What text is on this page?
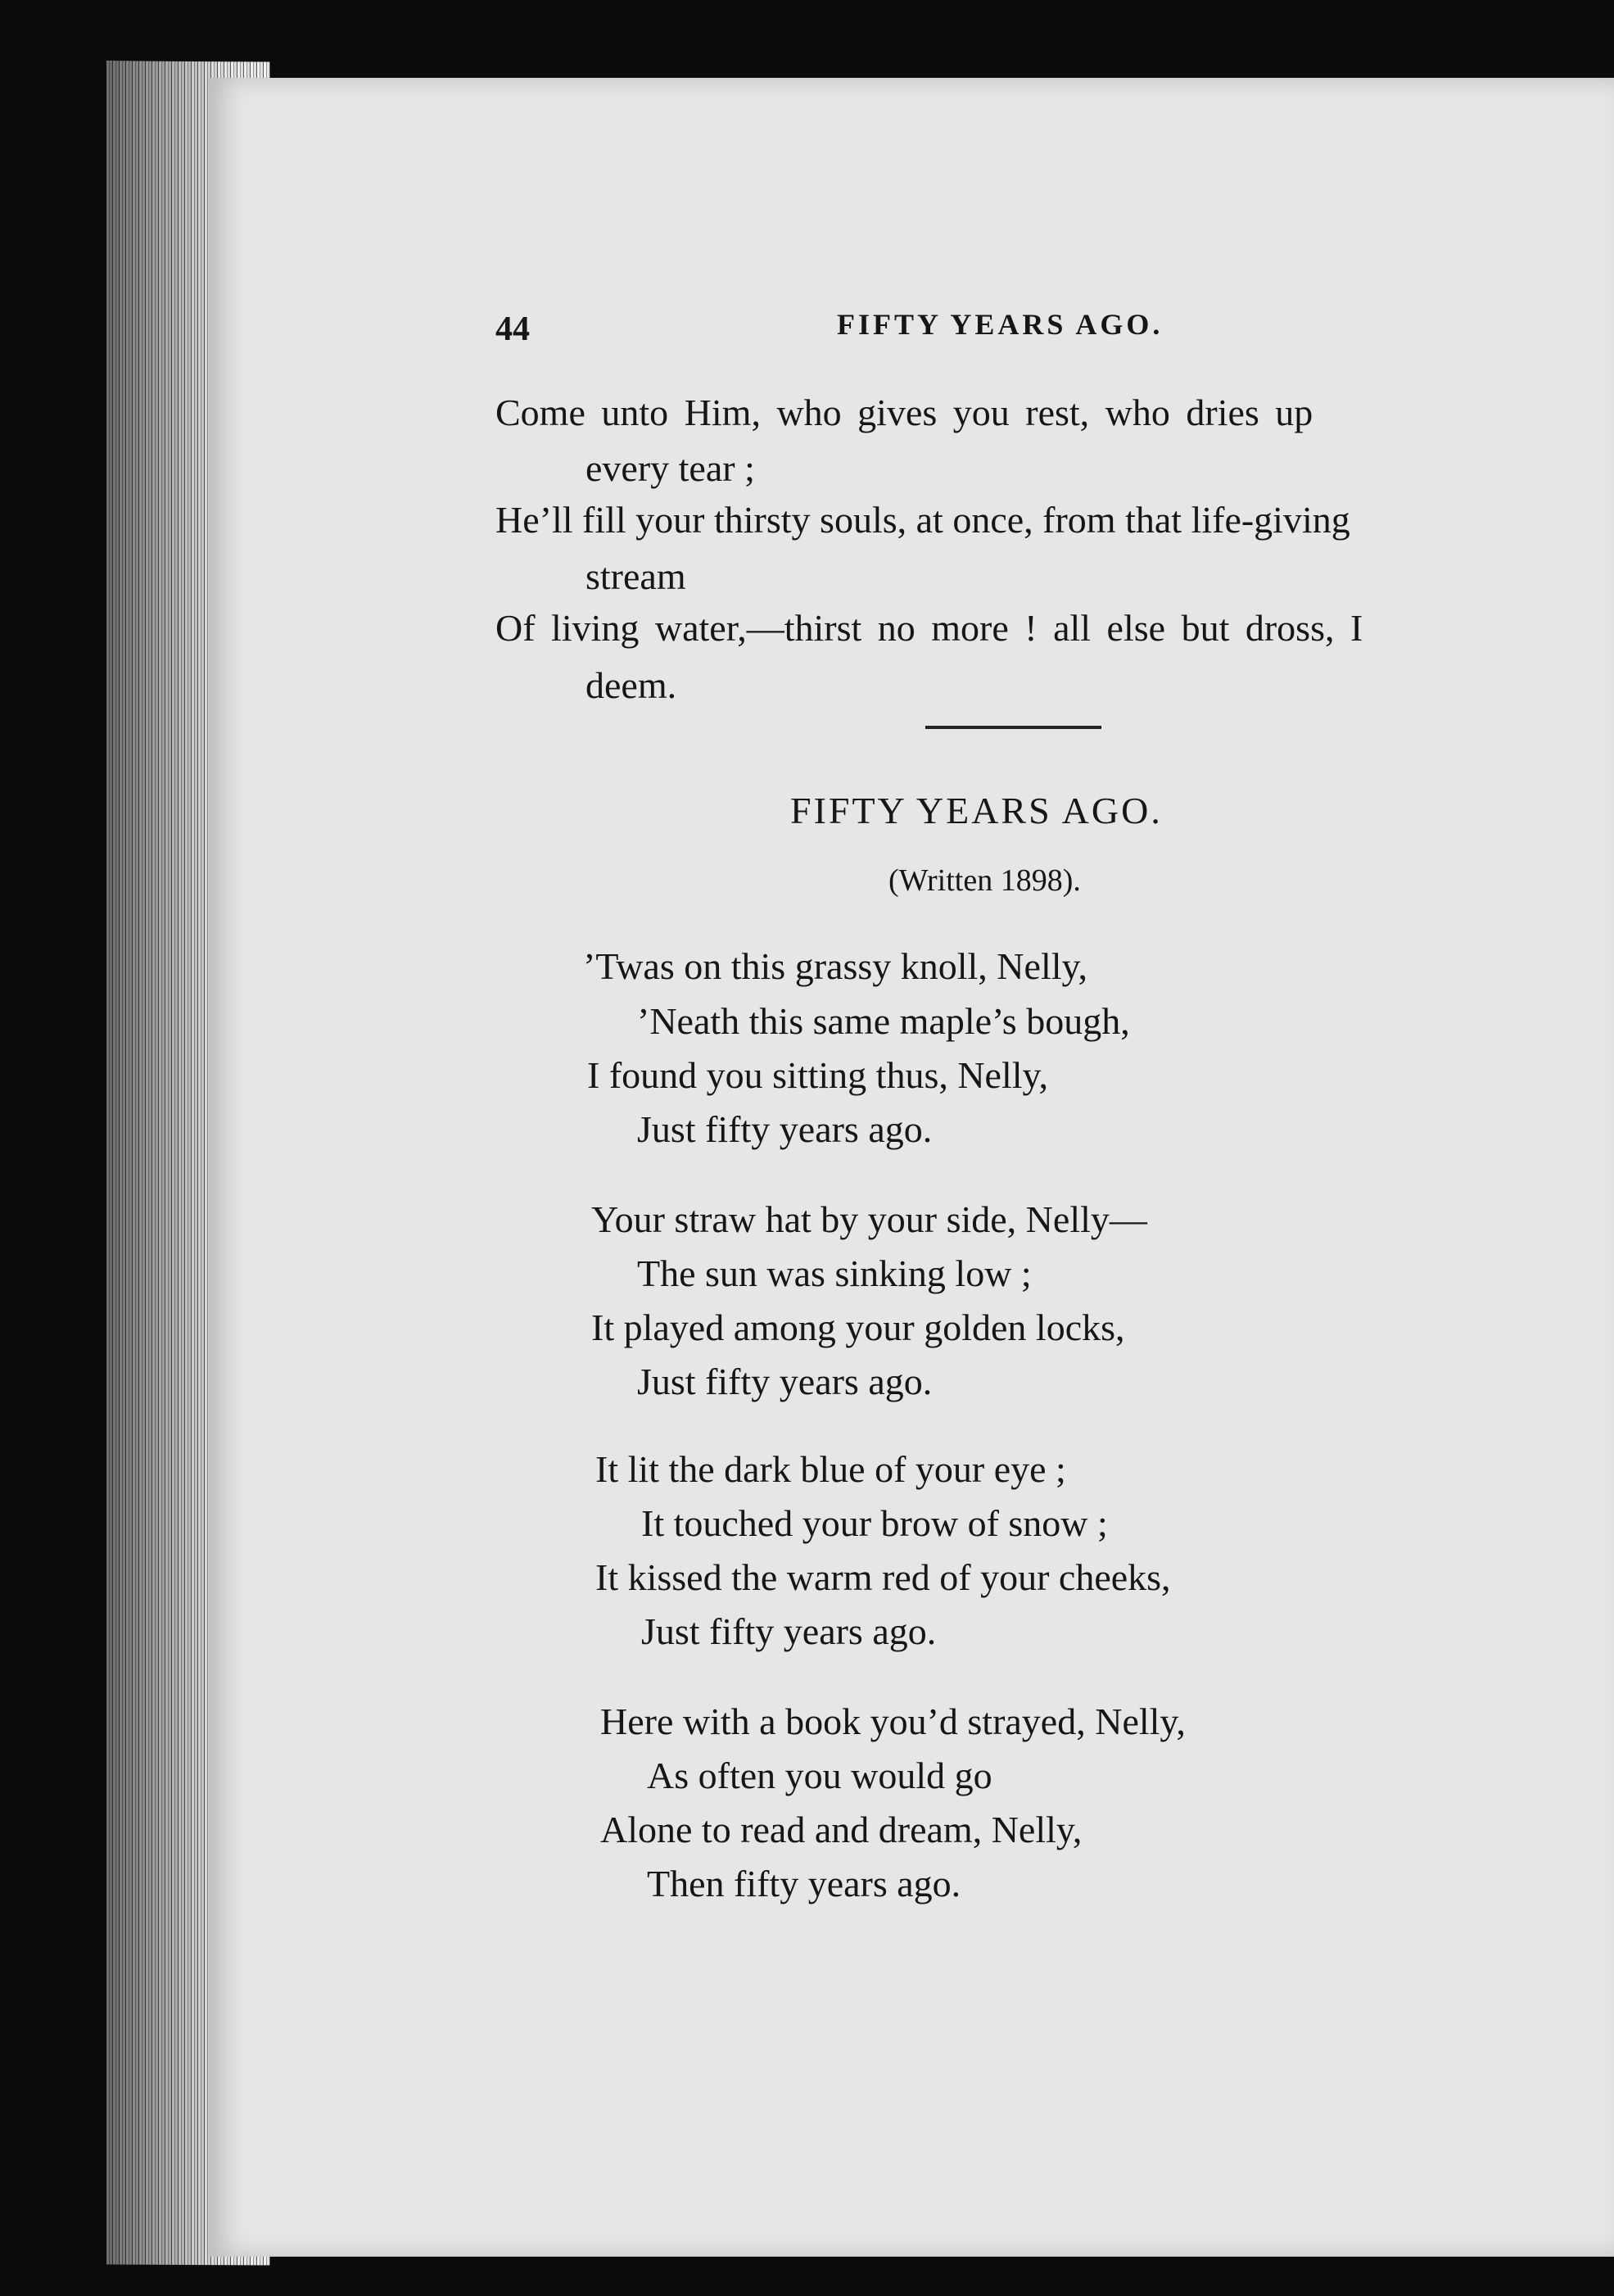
44	FIFTY YEARS AGO.
Come unto Him, who gives you rest, who dries up
every tear ;
He’ll fill your thirsty souls, at once, from that life-giving
stream
Of living water,—thirst no more ! all else but dross, I
deem.
FIFTY YEARS AGO.
(Written 1898).
’Twas on this grassy knoll, Nelly,
’Neath this same maple’s bough,
I found you sitting thus, Nelly,
Just fifty years ago.
Your straw hat by your side, Nelly—
The sun was sinking low ;
It played among your golden locks,
Just fifty years ago.
It lit the dark blue of your eye ;
It touched your brow of snow ;
It kissed the warm red of your cheeks,
Just fifty years ago.
Here with a book you’d strayed, Nelly,
As often you would go
Alone to read and dream, Nelly,
Then fifty years ago.
